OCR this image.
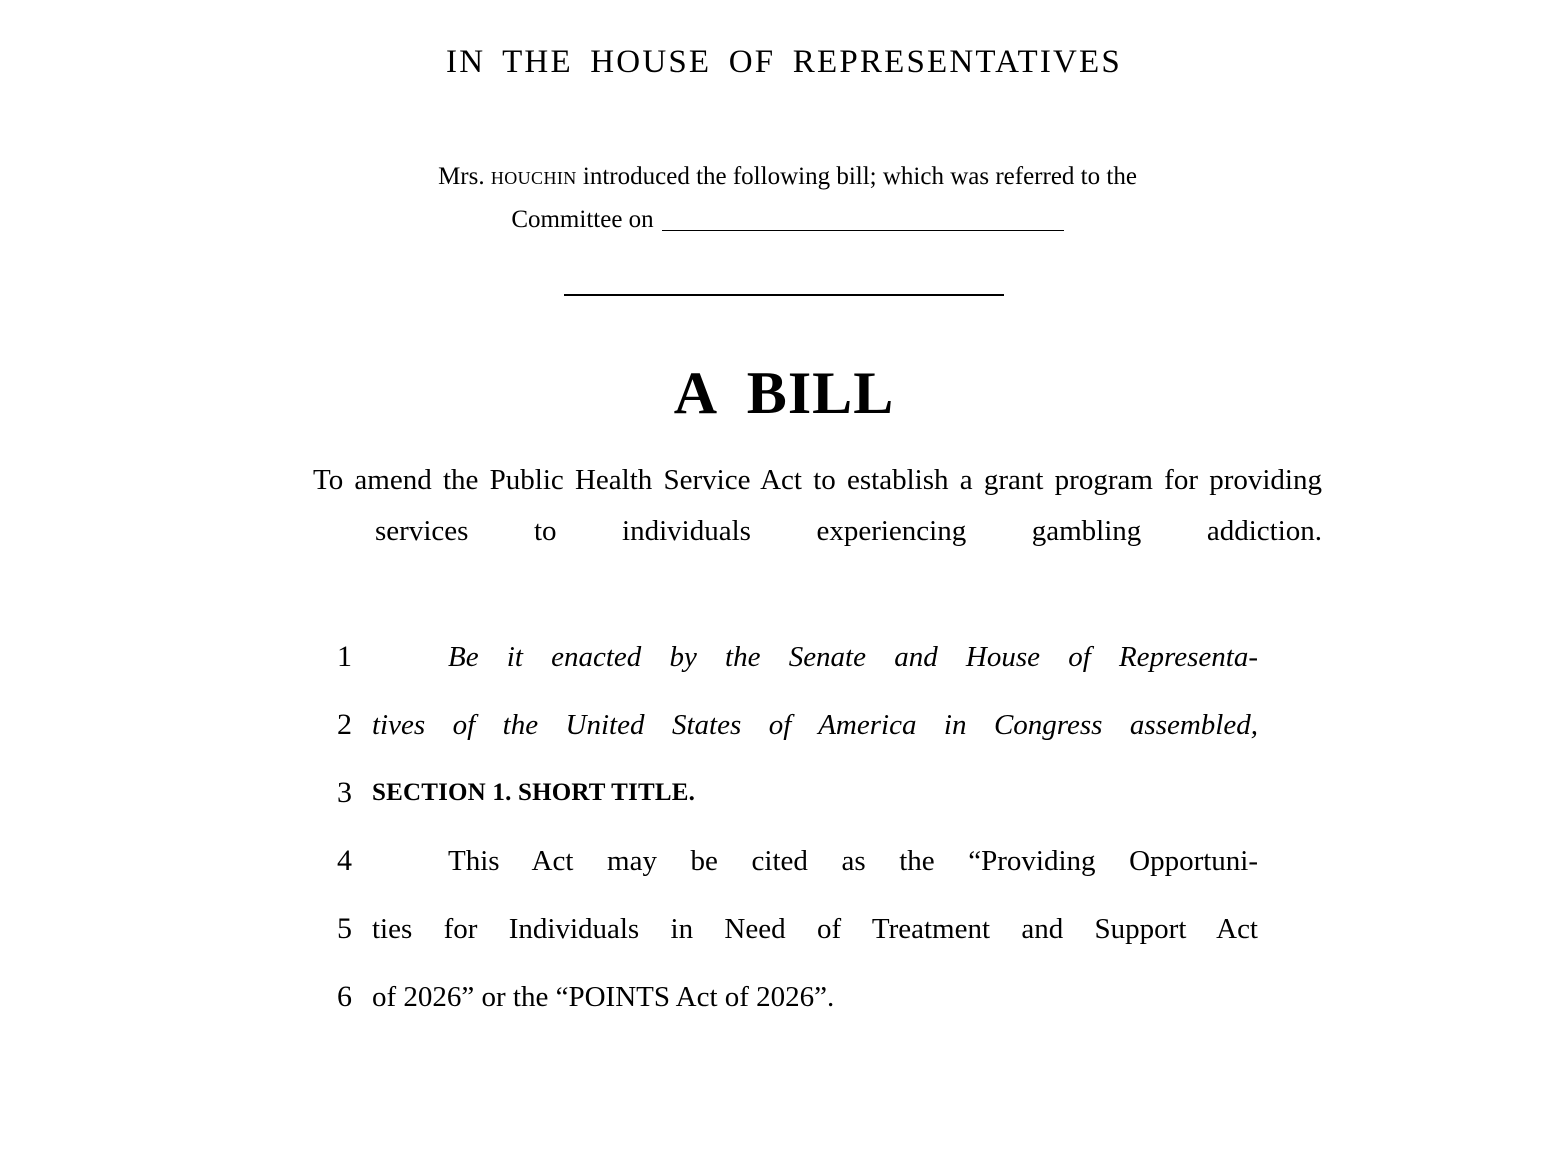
IN THE HOUSE OF REPRESENTATIVES
Mrs. houchin introduced the following bill; which was referred to the
Committee on
A BILL
To amend the Public Health Service Act to establish a grant program for providing services to individuals experiencing gambling addiction.
1	Be it enacted by the Senate and House of Representa-
2 tives of the United States of America in Congress assembled,
3 SECTION 1. SHORT TITLE.
4	This Act may be cited as the “Providing Opportuni-
5 ties for Individuals in Need of Treatment and Support Act
6 of 2026” or the “POINTS Act of 2026”.
